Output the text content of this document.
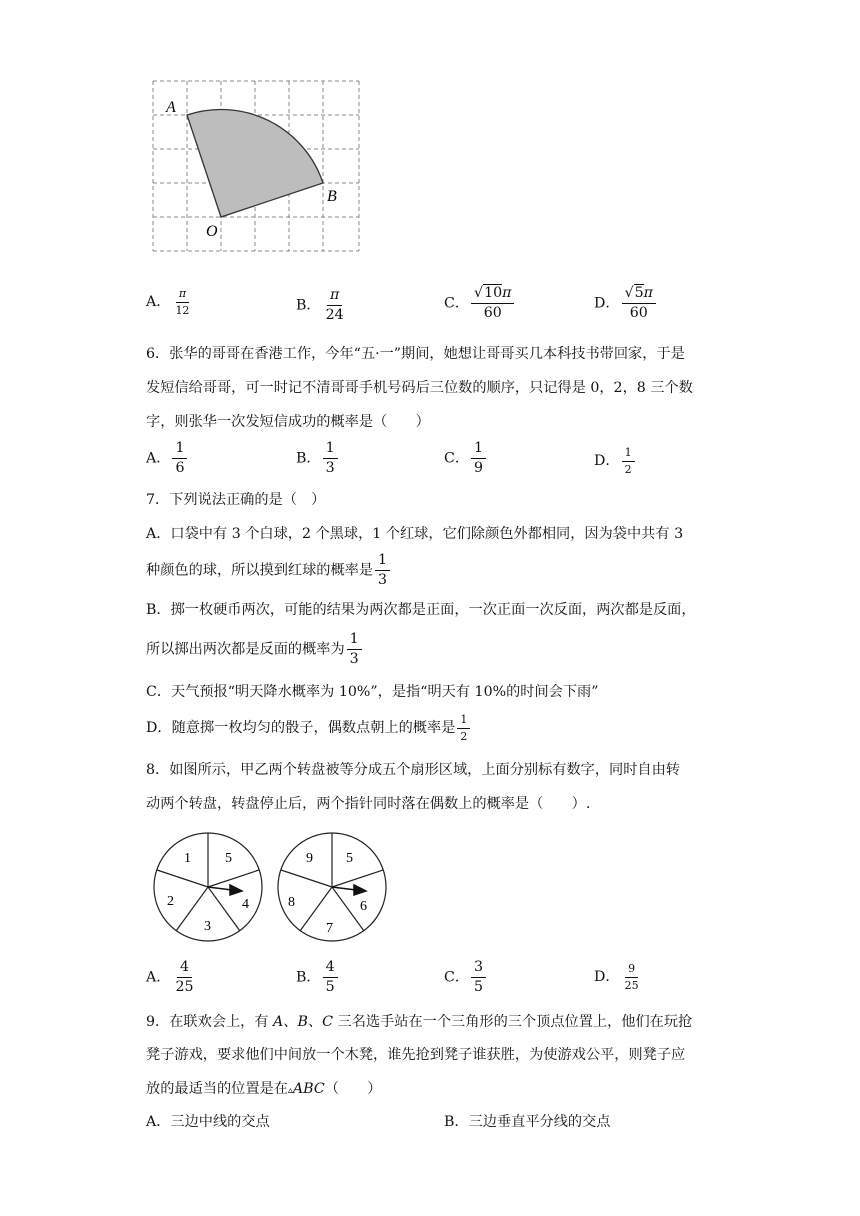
A
B
O
A． $\frac{\pi}{12}$	B． $\frac{\pi}{24}$	C． $\frac{√10\pi}{60}$	D． $\frac{√5\pi}{60}$
6．张华的哥哥在香港工作，今年“五·一”期间，她想让哥哥买几本科技书带回家，于是
发短信给哥哥，可一时记不清哥哥手机号码后三位数的顺序，只记得是 0，2，8 三个数
字，则张华一次发短信成功的概率是（　　）
A． $\frac{1}{6}$	B． $\frac{1}{3}$	C． $\frac{1}{9}$	D． $\frac{1}{2}$
7．下列说法正确的是（　）
A．口袋中有 3 个白球，2 个黑球，1 个红球，它们除颜色外都相同，因为袋中共有 3
种颜色的球，所以摸到红球的概率是 $\frac{1}{3}$
B．掷一枚硬币两次，可能的结果为两次都是正面，一次正面一次反面，两次都是反面，
所以掷出两次都是反面的概率为 $\frac{1}{3}$
C．天气预报“明天降水概率为 10%”，是指“明天有 10%的时间会下雨”
D．随意掷一枚均匀的骰子，偶数点朝上的概率是 $\frac{1}{2}$
8．如图所示，甲乙两个转盘被等分成五个扇形区域，上面分别标有数字，同时自由转
动两个转盘，转盘停止后，两个指针同时落在偶数上的概率是（　　）.
1 5
4
3
2
9 5
6
7
8
A． $\frac{4}{25}$	B． $\frac{4}{5}$	C． $\frac{3}{5}$	D． $\frac{9}{25}$
9．在联欢会上，有 A、B、C 三名选手站在一个三角形的三个顶点位置上，他们在玩抢
凳子游戏，要求他们中间放一个木凳，谁先抢到凳子谁获胜，为使游戏公平，则凳子应
放的最适当的位置是在▵ABC（　　）
A．三边中线的交点	B．三边垂直平分线的交点
